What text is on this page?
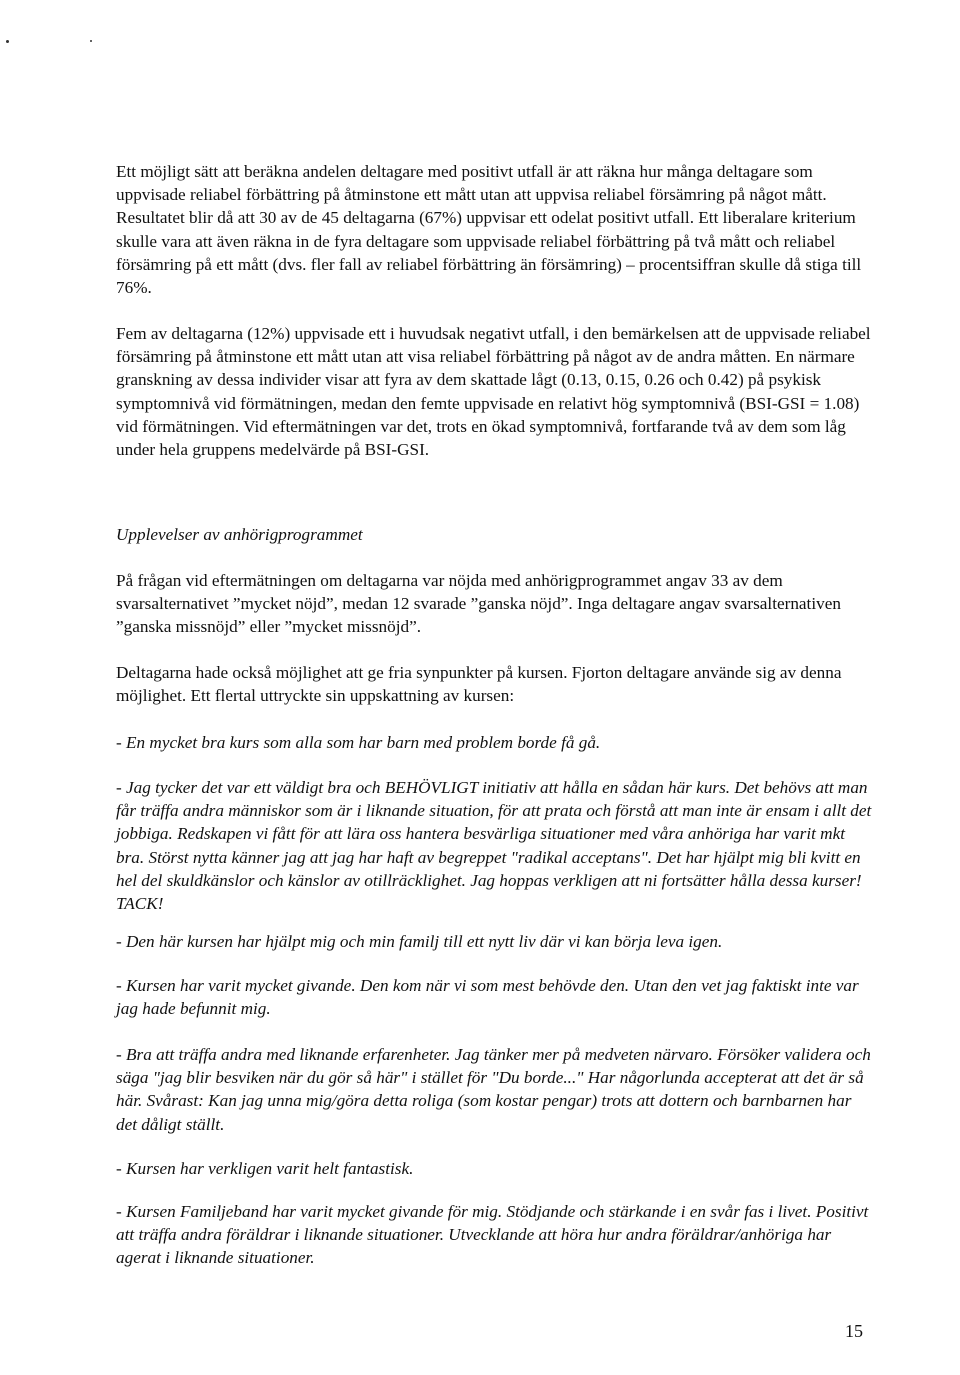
Ett möjligt sätt att beräkna andelen deltagare med positivt utfall är att räkna hur många deltagare som uppvisade reliabel förbättring på åtminstone ett mått utan att uppvisa reliabel försämring på något mått. Resultatet blir då att 30 av de 45 deltagarna (67%) uppvisar ett odelat positivt utfall. Ett liberalare kriterium skulle vara att även räkna in de fyra deltagare som uppvisade reliabel förbättring på två mått och reliabel försämring på ett mått (dvs. fler fall av reliabel förbättring än försämring) – procentsiffran skulle då stiga till 76%.

Fem av deltagarna (12%) uppvisade ett i huvudsak negativt utfall, i den bemärkelsen att de uppvisade reliabel försämring på åtminstone ett mått utan att visa reliabel förbättring på något av de andra måtten. En närmare granskning av dessa individer visar att fyra av dem skattade lågt (0.13, 0.15, 0.26 och 0.42) på psykisk symptomnivå vid förmätningen, medan den femte uppvisade en relativt hög symptomnivå (BSI-GSI = 1.08) vid förmätningen. Vid eftermätningen var det, trots en ökad symptomnivå, fortfarande två av dem som låg under hela gruppens medelvärde på BSI-GSI.

Upplevelser av anhörigprogrammet

På frågan vid eftermätningen om deltagarna var nöjda med anhörigprogrammet angav 33 av dem svarsalternativet ”mycket nöjd”, medan 12 svarade ”ganska nöjd”. Inga deltagare angav svarsalternativen ”ganska missnöjd” eller ”mycket missnöjd”.

Deltagarna hade också möjlighet att ge fria synpunkter på kursen. Fjorton deltagare använde sig av denna möjlighet. Ett flertal uttryckte sin uppskattning av kursen:

- En mycket bra kurs som alla som har barn med problem borde få gå.

- Jag tycker det var ett väldigt bra och BEHÖVLIGT initiativ att hålla en sådan här kurs. Det behövs att man får träffa andra människor som är i liknande situation, för att prata och förstå att man inte är ensam i allt det jobbiga. Redskapen vi fått för att lära oss hantera besvärliga situationer med våra anhöriga har varit mkt bra. Störst nytta känner jag att jag har haft av begreppet "radikal acceptans". Det har hjälpt mig bli kvitt en hel del skuldkänslor och känslor av otillräcklighet. Jag hoppas verkligen att ni fortsätter hålla dessa kurser! TACK!

- Den här kursen har hjälpt mig och min familj till ett nytt liv där vi kan börja leva igen.

- Kursen har varit mycket givande. Den kom när vi som mest behövde den. Utan den vet jag faktiskt inte var jag hade befunnit mig.

- Bra att träffa andra med liknande erfarenheter. Jag tänker mer på medveten närvaro. Försöker validera och säga "jag blir besviken när du gör så här" i stället för "Du borde..." Har någorlunda accepterat att det är så här. Svårast: Kan jag unna mig/göra detta roliga (som kostar pengar) trots att dottern och barnbarnen har det dåligt ställt.

- Kursen har verkligen varit helt fantastisk.

- Kursen Familjeband har varit mycket givande för mig. Stödjande och stärkande i en svår fas i livet. Positivt att träffa andra föräldrar i liknande situationer. Utvecklande att höra hur andra föräldrar/anhöriga har agerat i liknande situationer.

15
